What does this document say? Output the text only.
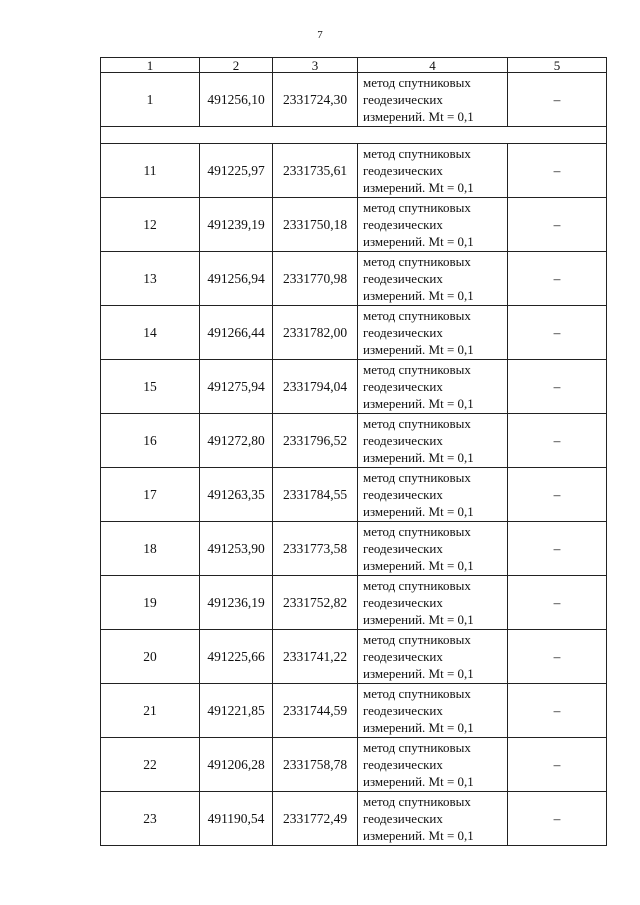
7
1	2	3	4	5
1	491256,10	2331724,30	метод спутниковых
геодезических
измерений. Mt = 0,1	–

11	491225,97	2331735,61	метод спутниковых
геодезических
измерений. Mt = 0,1	–
12	491239,19	2331750,18	метод спутниковых
геодезических
измерений. Mt = 0,1	–
13	491256,94	2331770,98	метод спутниковых
геодезических
измерений. Mt = 0,1	–
14	491266,44	2331782,00	метод спутниковых
геодезических
измерений. Mt = 0,1	–
15	491275,94	2331794,04	метод спутниковых
геодезических
измерений. Mt = 0,1	–
16	491272,80	2331796,52	метод спутниковых
геодезических
измерений. Mt = 0,1	–
17	491263,35	2331784,55	метод спутниковых
геодезических
измерений. Mt = 0,1	–
18	491253,90	2331773,58	метод спутниковых
геодезических
измерений. Mt = 0,1	–
19	491236,19	2331752,82	метод спутниковых
геодезических
измерений. Mt = 0,1	–
20	491225,66	2331741,22	метод спутниковых
геодезических
измерений. Mt = 0,1	–
21	491221,85	2331744,59	метод спутниковых
геодезических
измерений. Mt = 0,1	–
22	491206,28	2331758,78	метод спутниковых
геодезических
измерений. Mt = 0,1	–
23	491190,54	2331772,49	метод спутниковых
геодезических
измерений. Mt = 0,1	–
